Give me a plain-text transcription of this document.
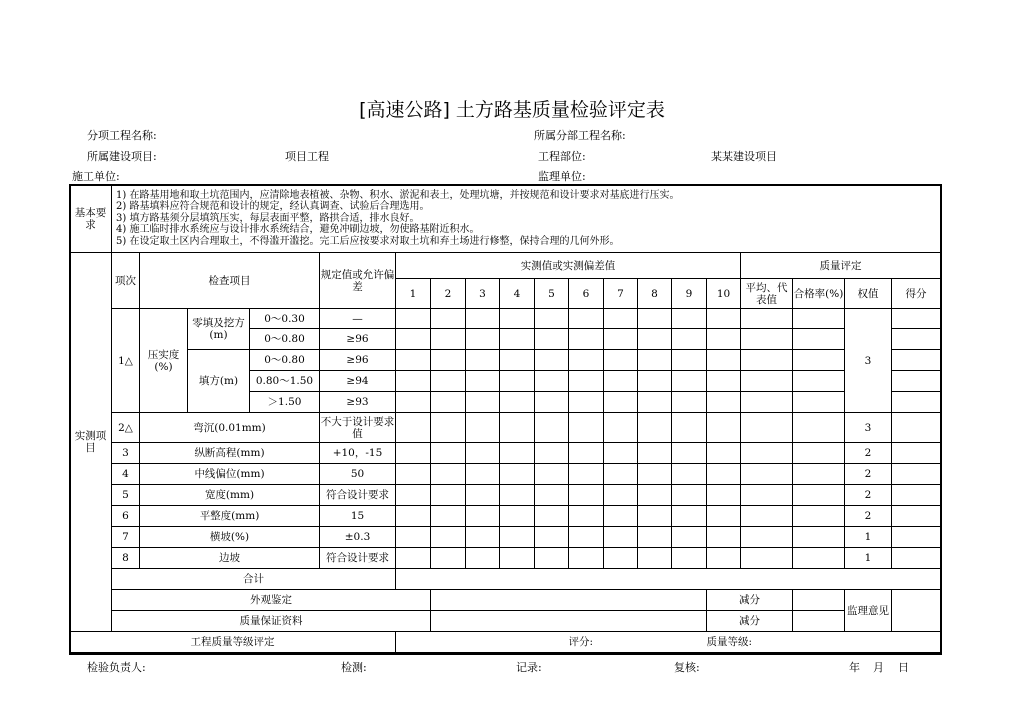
[高速公路] 土方路基质量检验评定表
分项工程名称:	所属分部工程名称:
所属建设项目:	项目工程	工程部位:	某某建设项目
施工单位:	监理单位:
基本要求	1) 在路基用地和取土坑范围内，应清除地表植被、杂物、积水、淤泥和表土，处理坑塘，并按规范和设计要求对基底进行压实。
2) 路基填料应符合规范和设计的规定，经认真调查、试验后合理选用。
3) 填方路基须分层填筑压实，每层表面平整，路拱合适，排水良好。
4) 施工临时排水系统应与设计排水系统结合，避免冲刷边坡，勿使路基附近积水。
5) 在设定取土区内合理取土，不得滥开滥挖。完工后应按要求对取土坑和弃土场进行修整，保持合理的几何外形。																		

实测项目	项次	检查项目			规定值或允许偏差	实测值或实测偏差值										质量评定			
						1	2	3	4	5	6	7	8	9	10	平均、代表值	合格率(%)	权值	得分
	1△	压实度(%)	零填及挖方(m)	0～0.30	—													3	
				0～0.80	≥96														
			填方(m)	0～0.80	≥96														
				0.80～1.50	≥94														
				＞1.50	≥93														
	2△	弯沉(0.01mm)			不大于设计要求值													3	
	3	纵断高程(mm)			+10，-15													2	
	4	中线偏位(mm)			50													2	
	5	宽度(mm)			符合设计要求													2	
	6	平整度(mm)			15													2	
	7	横坡(%)			±0.3													1	
	8	边坡			符合设计要求													1	
	合计																		
	外观鉴定														减分			监理意见	
	质量保证资料														减分				
工程质量等级评定											评分:				质量等级:				
检验负责人:	检测:	记录:	复核:	年 月 日
